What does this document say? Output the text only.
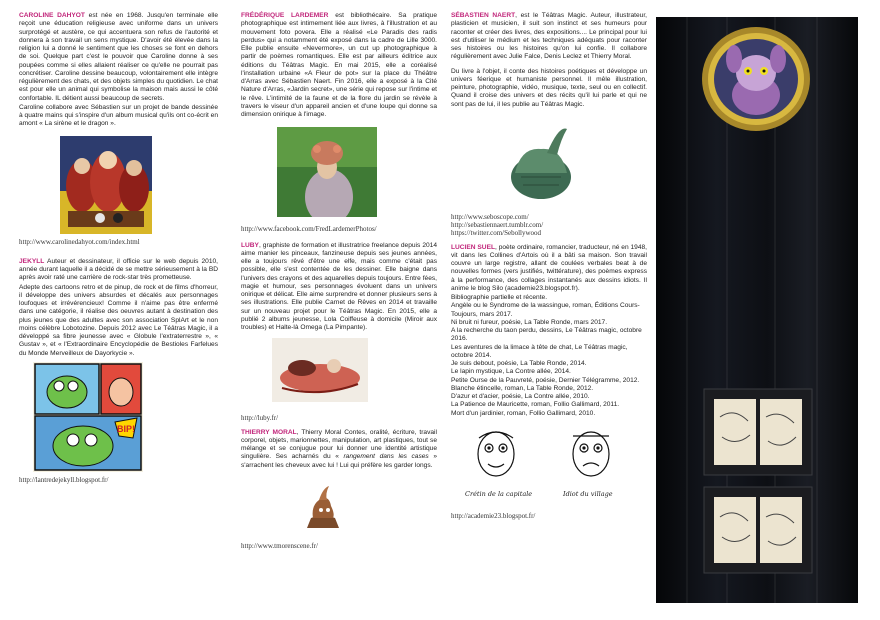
CAROLINE DAHYOT est née en 1968. Jusqu'en terminale elle reçoit une éducation religieuse avec uniforme dans un univers surprotégé et austère, ce qui accentuera son refus de l'autorité et donnera à son travail un sens mystique. D'avoir été élevée dans la religion lui a donné le sentiment que les choses se font en dehors de soi. Quelque part c'est le pouvoir que Caroline donne à ses poupées comme si elles allaient réaliser ce qu'elle ne pourrait pas concrétiser. Caroline dessine beaucoup, volontairement elle intègre régulièrement des chats, et des objets simples du quotidien. Le chat est pour elle un animal qui symbolise la maison mais aussi le côté confortable. IL détient aussi beaucoup de secrets.

Caroline collabore avec Sébastien sur un projet de bande dessinée à quatre mains qui s'inspire d'un album musical qu'ils ont co-écrit en amont « La sirène et le dragon ».

http://www.carolinedahyot.com/index.html

JEKYLL Auteur et dessinateur, il officie sur le web depuis 2010, année durant laquelle il a décidé de se mettre sérieusement à la BD après avoir raté une carrière de rock-star très prometteuse.

Adepte des cartoons retro et de pinup, de rock et de films d'horreur, il développe des univers absurdes et décalés aux personnages loufoques et irrévérencieux! Comme il n'aime pas être enfermé dans une catégorie, il réalise des oeuvres autant à destination des plus jeunes que des adultes avec son association SplArt et le non moins célèbre Lobotozine. Depuis 2012 avec Le Téâtras Magic, il a développé sa fibre jeunesse avec « Globule l'extraterrestre », « Gustav », et « l'Extraordinaire Encyclopédie de Bestioles Farfelues du Monde Merveilleux de Dayorkycie ».

BIP!
http://lantredejekyll.blogspot.fr/

FRÉDÉRIQUE LARDEMER est bibliothécaire. Sa pratique photographique est intimement liée aux livres, à l'illustration et au mouvement foto povera. Elle a réalisé «Le Paradis des radis perdus» qui a notamment été exposé dans la cadre de Lille 3000. Elle publie ensuite «Nevermore», un cut up photographique à partir de poèmes romantiques. Elle est par ailleurs éditrice aux éditions du Téâtras Magic. En mai 2015, elle a coréalisé l'installation urbaine «A Fleur de pot» sur la place du Théâtre d'Arras avec Sébastien Naert. Fin 2016, elle a exposé à la Cité Nature d'Arras, «Jardin secret», une série qui repose sur l'intime et le rêve. L'intimité de la faune et de la flore du jardin se révèle à travers le viseur d'un appareil ancien et d'une loupe qui donne sa dimension onirique à l'image.

http://www.facebook.com/FredLardemerPhotos/

LUBY, graphiste de formation et illustratrice freelance depuis 2014 aime manier les pinceaux, fanzineuse depuis ses jeunes années, elle a toujours rêvé d'être une elfe, mais comme c'était pas possible, elle s'est contentée de les dessiner. Elle baigne dans l'univers des crayons et des aquarelles depuis toujours. Entre fées, magie et humour, ses personnages évoluent dans un univers onirique et délicat. Elle aime surprendre et donner plusieurs sens à ses illustrations. Elle publie Carnet de Rêves en 2014 et travaille sur un nouveau projet pour le Téâtras Magic. En 2015, elle a publié 2 albums jeunesse, Lola Coiffeuse à domicile (Miroir aux troubles) et Halte-là Omega (La Pimpante).

http://luby.fr/

THIERRY MORAL, Thierry Moral Contes, oralité, écriture, travail corporel, objets, marionnettes, manipulation, art plastiques, tout se mélange et se conjugue pour lui donner une identité artistique singulière. Ses acharnés du « rangement dans les cases » s'arrachent les cheveux avec lui ! Lui qui préfère les garder longs.

http://www.tmorenscene.fr/

SÉBASTIEN NAERT, est le Téâtras Magic. Auteur, illustrateur, plasticien et musicien, il suit son instinct et ses humeurs pour raconter et créer des livres, des expositions.... Le principal pour lui est d'utiliser le médium et les techniques adéquats pour raconter ses histoires ou les histoires qu'on lui confie. Il collabore régulièrement avec Julie Falce, Denis Leclez et Thierry Moral.

Du livre à l'objet, il conte des histoires poétiques et développe un univers féerique et humaniste personnel. Il mêle illustration, peinture, photographie, vidéo, musique, texte, seul ou en collectif. Quand il croise des univers et des récits qu'il lui parle et qui ne sont pas de lui, il les publie au Téâtras Magic.

http://www.seboscope.com/
http://sebastiennaert.tumblr.com/
https://twitter.com/Sebollywood

LUCIEN SUEL, poète ordinaire, romancier, traducteur, né en 1948, vit dans les Collines d'Artois où il a bâti sa maison. Son travail couvre un large registre, allant de coulées verbales beat à de nouvelles formes (vers justifiés, twittérature), des poèmes express à la performance, des collages instantanés aux dessins idiots. Il anime le blog Silo (academie23.blogspot.fr).

Bibliographie partielle et récente.
Angèle ou le Syndrome de la wassingue, roman, Éditions Cours-Toujours, mars 2017.
Ni bruit ni fureur, poésie, La Table Ronde, mars 2017.
A la recherche du taon perdu, dessins, Le Téâtras magic, octobre 2016.
Les aventures de la limace à tête de chat, Le Téâtras magic, octobre 2014.
Je suis debout, poésie, La Table Ronde, 2014.
Le lapin mystique, La Contre allée, 2014.
Petite Ourse de la Pauvreté, poésie, Dernier Télégramme, 2012.
Blanche étincelle, roman, La Table Ronde, 2012.
D'azur et d'acier, poésie, La Contre allée, 2010.
La Patience de Mauricette, roman, Follio Gallimard, 2011.
Mort d'un jardinier, roman, Follio Gallimard, 2010.
Crétin de la capitale	Idiot du village
http://academie23.blogspot.fr/
